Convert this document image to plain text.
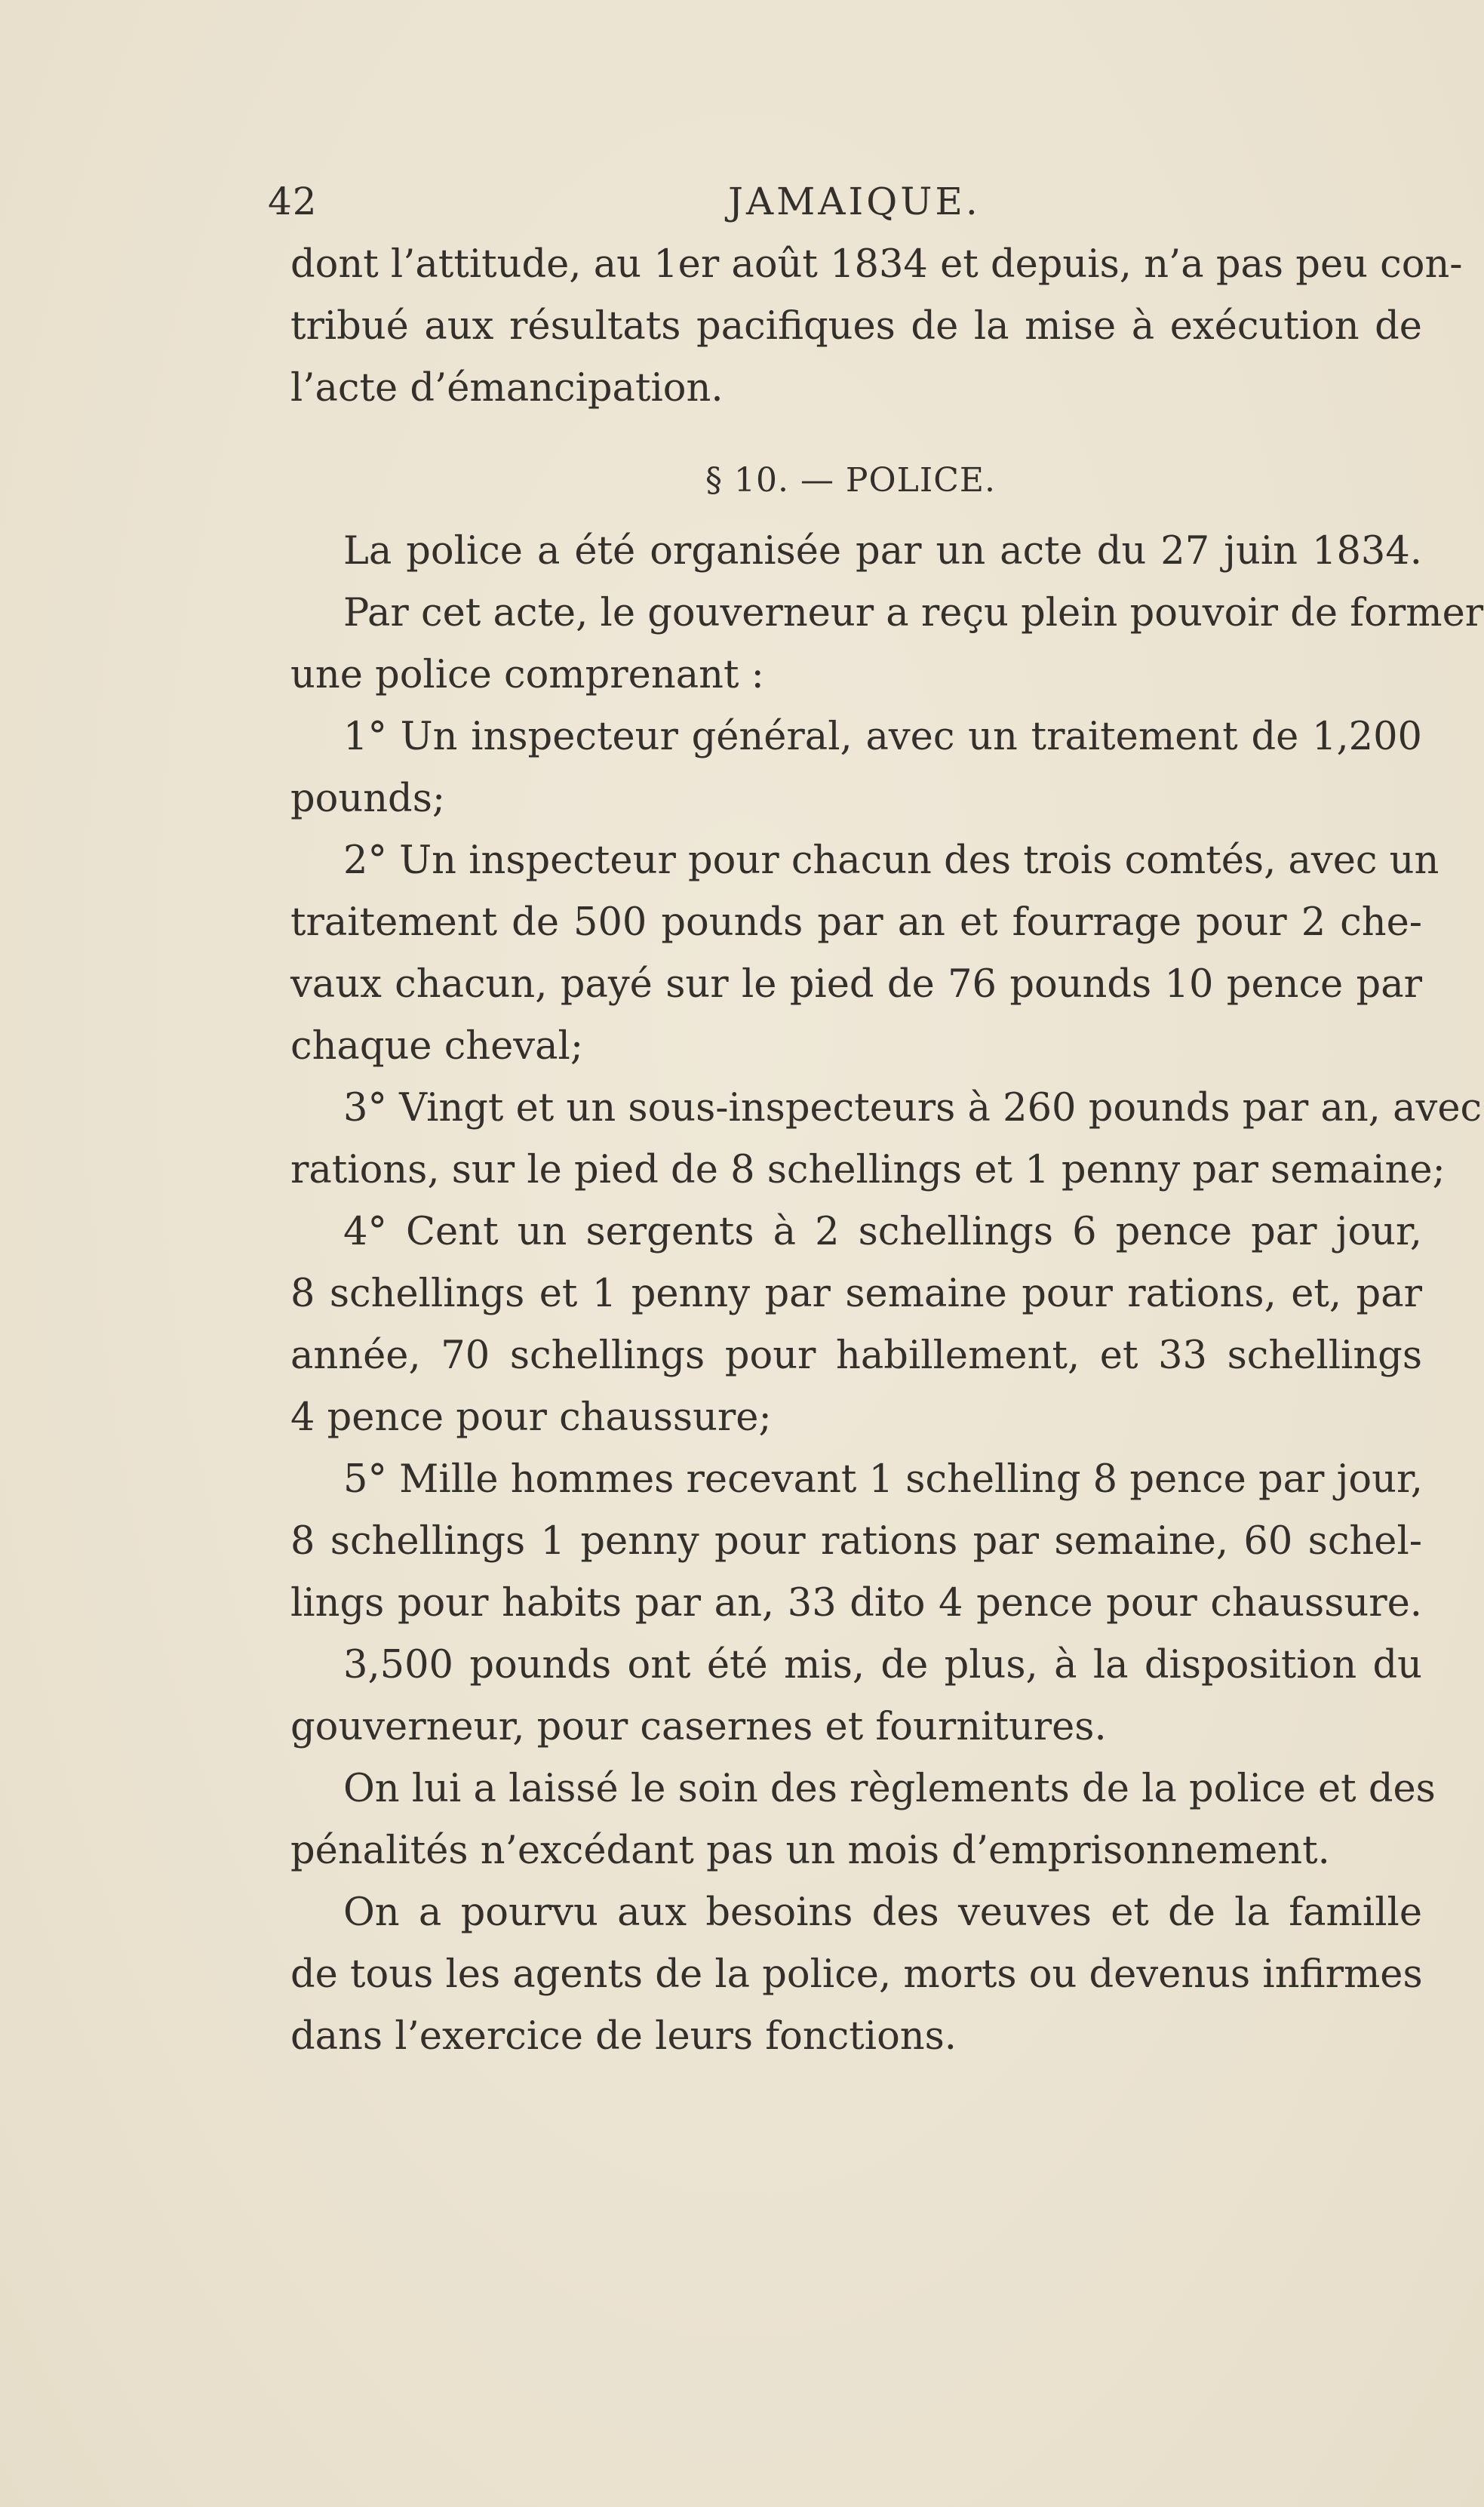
42	JAMAIQUE.
dont l’attitude, au 1er août 1834 et depuis, n’a pas peu con-
tribué aux résultats pacifiques de la mise à exécution de
l’acte d’émancipation.
§ 10. — POLICE.
La police a été organisée par un acte du 27 juin 1834.
Par cet acte, le gouverneur a reçu plein pouvoir de former
une police comprenant :
1° Un inspecteur général, avec un traitement de 1,200
pounds;
2° Un inspecteur pour chacun des trois comtés, avec un
traitement de 500 pounds par an et fourrage pour 2 che-
vaux chacun, payé sur le pied de 76 pounds 10 pence par
chaque cheval;
3° Vingt et un sous-inspecteurs à 260 pounds par an, avec
rations, sur le pied de 8 schellings et 1 penny par semaine;
4° Cent un sergents à 2 schellings 6 pence par jour,
8 schellings et 1 penny par semaine pour rations, et, par
année, 70 schellings pour habillement, et 33 schellings
4 pence pour chaussure;
5° Mille hommes recevant 1 schelling 8 pence par jour,
8 schellings 1 penny pour rations par semaine, 60 schel-
lings pour habits par an, 33 dito 4 pence pour chaussure.
3,500 pounds ont été mis, de plus, à la disposition du
gouverneur, pour casernes et fournitures.
On lui a laissé le soin des règlements de la police et des
pénalités n’excédant pas un mois d’emprisonnement.
On a pourvu aux besoins des veuves et de la famille
de tous les agents de la police, morts ou devenus infirmes
dans l’exercice de leurs fonctions.
